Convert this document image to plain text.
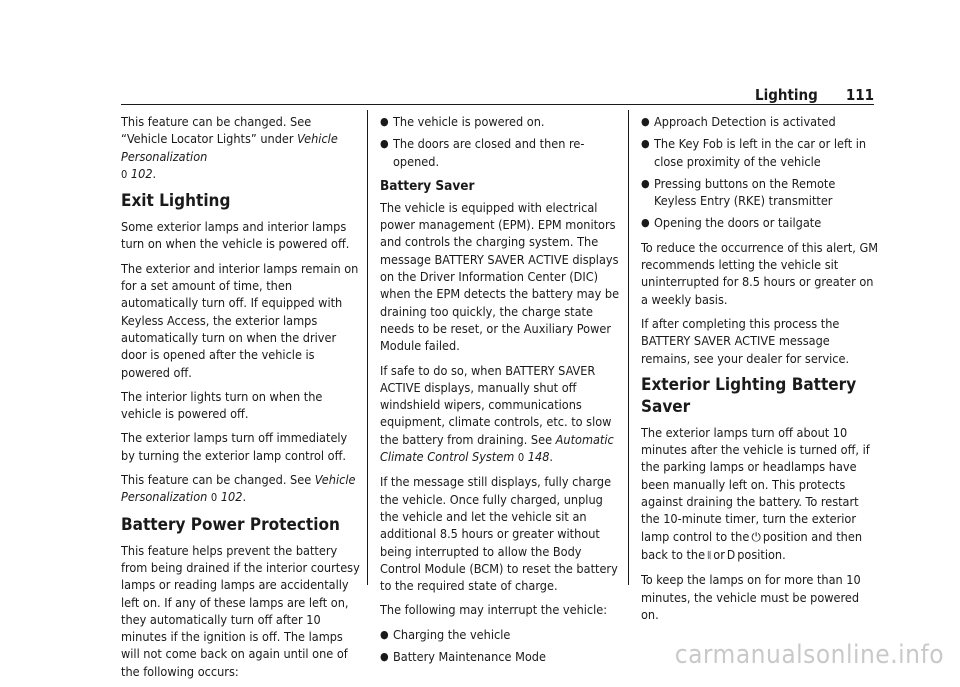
Lighting 111

This feature can be changed. See “Vehicle Locator Lights” under Vehicle Personalization
0 102.

Exit Lighting

Some exterior lamps and interior lamps turn on when the vehicle is powered off.

The exterior and interior lamps remain on for a set amount of time, then automatically turn off. If equipped with Keyless Access, the exterior lamps automatically turn on when the driver door is opened after the vehicle is powered off.

The interior lights turn on when the vehicle is powered off.

The exterior lamps turn off immediately by turning the exterior lamp control off.

This feature can be changed. See Vehicle Personalization 0 102.

Battery Power Protection

This feature helps prevent the battery from being drained if the interior courtesy lamps or reading lamps are accidentally left on. If any of these lamps are left on, they automatically turn off after 10 minutes if the ignition is off. The lamps will not come back on again until one of the following occurs:

● The vehicle is powered on.
● The doors are closed and then re-opened.
Battery Saver

The vehicle is equipped with electrical power management (EPM). EPM monitors and controls the charging system. The message BATTERY SAVER ACTIVE displays on the Driver Information Center (DIC) when the EPM detects the battery may be draining too quickly, the charge state needs to be reset, or the Auxiliary Power Module failed.

If safe to do so, when BATTERY SAVER ACTIVE displays, manually shut off windshield wipers, communications equipment, climate controls, etc. to slow the battery from draining. See Automatic Climate Control System 0 148.

If the message still displays, fully charge the vehicle. Once fully charged, unplug the vehicle and let the vehicle sit an additional 8.5 hours or greater without being interrupted to allow the Body Control Module (BCM) to reset the battery to the required state of charge.

The following may interrupt the vehicle:

● Charging the vehicle
● Battery Maintenance Mode
● Approach Detection is activated
● The Key Fob is left in the car or left in close proximity of the vehicle
● Pressing buttons on the Remote Keyless Entry (RKE) transmitter
● Opening the doors or tailgate

To reduce the occurrence of this alert, GM recommends letting the vehicle sit uninterrupted for 8.5 hours or greater on a weekly basis.

If after completing this process the BATTERY SAVER ACTIVE message remains, see your dealer for service.

Exterior Lighting Battery Saver

The exterior lamps turn off about 10 minutes after the vehicle is turned off, if the parking lamps or headlamps have been manually left on. This protects against draining the battery. To restart the 10-minute timer, turn the exterior lamp control to the ⏻ position and then back to the ⧛ or D position.

To keep the lamps on for more than 10 minutes, the vehicle must be powered on.

carmanualsonline.info
